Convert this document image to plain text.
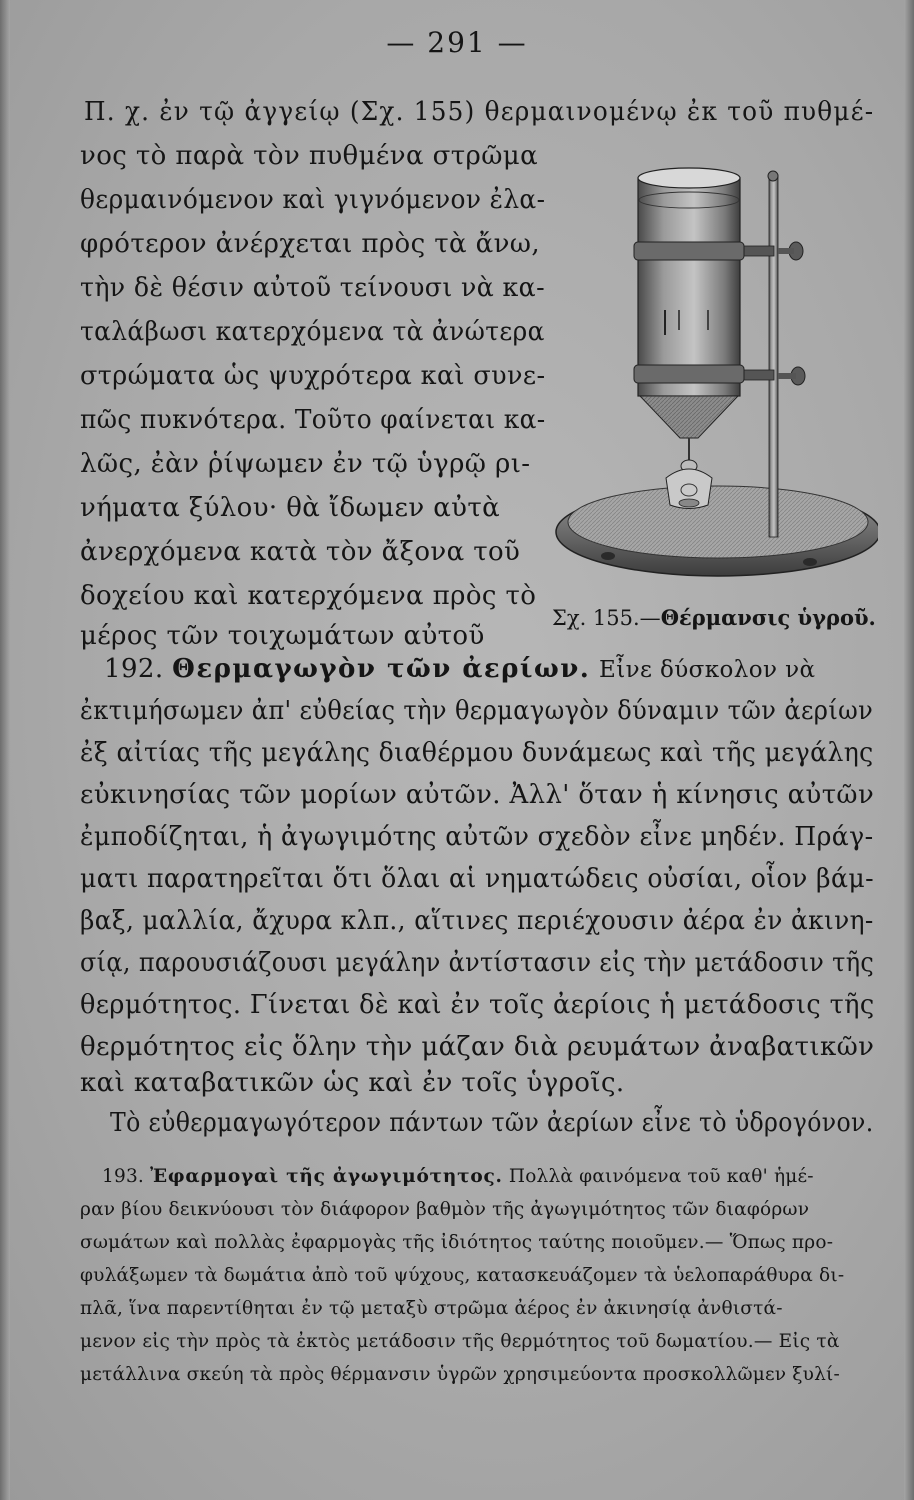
— 291 —
Π. χ. ἐν τῷ ἀγγείῳ (Σχ. 155) θερμαινομένῳ ἐκ τοῦ πυθμέ-
νος τὸ παρὰ τὸν πυθμένα στρῶμα
θερμαινόμενον καὶ γιγνόμενον ἐλα-
φρότερον ἀνέρχεται πρὸς τὰ ἄνω,
τὴν δὲ θέσιν αὐτοῦ τείνουσι νὰ κα-
ταλάβωσι κατερχόμενα τὰ ἀνώτερα
στρώματα ὡς ψυχρότερα καὶ συνε-
πῶς πυκνότερα. Τοῦτο φαίνεται κα-
λῶς, ἐὰν ῥίψωμεν ἐν τῷ ὑγρῷ ρι-
νήματα ξύλου· θὰ ἴδωμεν αὐτὰ
ἀνερχόμενα κατὰ τὸν ἄξονα τοῦ
δοχείου καὶ κατερχόμενα πρὸς τὸ
μέρος τῶν τοιχωμάτων αὐτοῦ
Σχ. 155.—Θέρμανσις ὑγροῦ.
192. Θερμαγωγὸν τῶν ἀερίων. Εἶνε δύσκολον νὰ
ἐκτιμήσωμεν ἀπ' εὐθείας τὴν θερμαγωγὸν δύναμιν τῶν ἀερίων
ἐξ αἰτίας τῆς μεγάλης διαθέρμου δυνάμεως καὶ τῆς μεγάλης
εὐκινησίας τῶν μορίων αὐτῶν. Ἀλλ' ὅταν ἡ κίνησις αὐτῶν
ἐμποδίζηται, ἡ ἀγωγιμότης αὐτῶν σχεδὸν εἶνε μηδέν. Πράγ-
ματι παρατηρεῖται ὅτι ὅλαι αἱ νηματώδεις οὐσίαι, οἷον βάμ-
βαξ, μαλλία, ἄχυρα κλπ., αἵτινες περιέχουσιν ἀέρα ἐν ἀκινη-
σίᾳ, παρουσιάζουσι μεγάλην ἀντίστασιν εἰς τὴν μετάδοσιν τῆς
θερμότητος. Γίνεται δὲ καὶ ἐν τοῖς ἀερίοις ἡ μετάδοσις τῆς
θερμότητος εἰς ὅλην τὴν μάζαν διὰ ρευμάτων ἀναβατικῶν
καὶ καταβατικῶν ὡς καὶ ἐν τοῖς ὑγροῖς.
Τὸ εὐθερμαγωγότερον πάντων τῶν ἀερίων εἶνε τὸ ὑδρογόνον.
193. Ἐφαρμογαὶ τῆς ἀγωγιμότητος. Πολλὰ φαινόμενα τοῦ καθ' ἡμέ-
ραν βίου δεικνύουσι τὸν διάφορον βαθμὸν τῆς ἀγωγιμότητος τῶν διαφόρων
σωμάτων καὶ πολλὰς ἐφαρμογὰς τῆς ἰδιότητος ταύτης ποιοῦμεν.— Ὅπως προ-
φυλάξωμεν τὰ δωμάτια ἀπὸ τοῦ ψύχους, κατασκευάζομεν τὰ ὑελοπαράθυρα δι-
πλᾶ, ἵνα παρεντίθηται ἐν τῷ μεταξὺ στρῶμα ἀέρος ἐν ἀκινησίᾳ ἀνθιστά-
μενον εἰς τὴν πρὸς τὰ ἐκτὸς μετάδοσιν τῆς θερμότητος τοῦ δωματίου.— Εἰς τὰ
μετάλλινα σκεύη τὰ πρὸς θέρμανσιν ὑγρῶν χρησιμεύοντα προσκολλῶμεν ξυλί-
